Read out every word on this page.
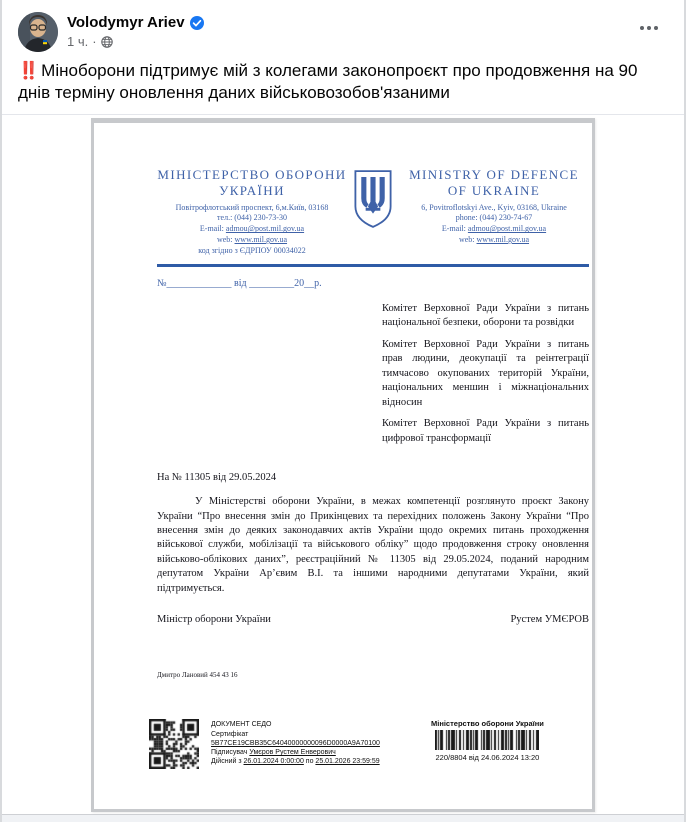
Volodymyr Ariev
1 ч. ·
‼️ Міноборони підтримує мій з колегами законопроєкт про продовження на 90 днів терміну оновлення даних військовозобов'язаними
МІНІСТЕРСТВО ОБОРОНИ УКРАЇНИ
Повітрофлотський проспект, 6,м.Київ, 03168
тел.: (044) 230-73-30
E-mail: admou@post.mil.gov.ua
web: www.mil.gov.ua
код згідно з ЄДРПОУ 00034022
MINISTRY OF DEFENCE OF UKRAINE
6, Povitroflotskyi Ave., Kyiv, 03168, Ukraine
phone: (044) 230-74-67
E-mail: admou@post.mil.gov.ua
web: www.mil.gov.ua
№_____________ від _________20__р.

Комітет Верховної Ради України з питань національної безпеки, оборони та розвідки

Комітет Верховної Ради України з питань прав людини, деокупації та реінтеграції тимчасово окупованих територій України, національних меншин і міжнаціональних відносин

Комітет Верховної Ради України з питань цифрової трансформації

На № 11305 від 29.05.2024

У Міністерстві оборони України, в межах компетенції розглянуто проєкт Закону України “Про внесення змін до Прикінцевих та перехідних положень Закону України “Про внесення змін до деяких законодавчих актів України щодо окремих питань проходження військової служби, мобілізації та військового обліку” щодо продовження строку оновлення військово-облікових даних”, реєстраційний № 11305 від 29.05.2024, поданий народним депутатом України Ар’євим В.І. та іншими народними депутатами України, який підтримується.

Міністр оборони України	Рустем УМЄРОВ
Дмитро Лановий 454 43 16
ДОКУМЕНТ СЕДО
Сертифікат 5B77CE19CBB35C64040000000096D0000A9A70100
Підписувач Умєров Рустем Енверович
Дійсний з 26.01.2024 0:00:00 по 25.01.2026 23:59:59
Міністерство оборони України
220/8804 від 24.06.2024 13:20
